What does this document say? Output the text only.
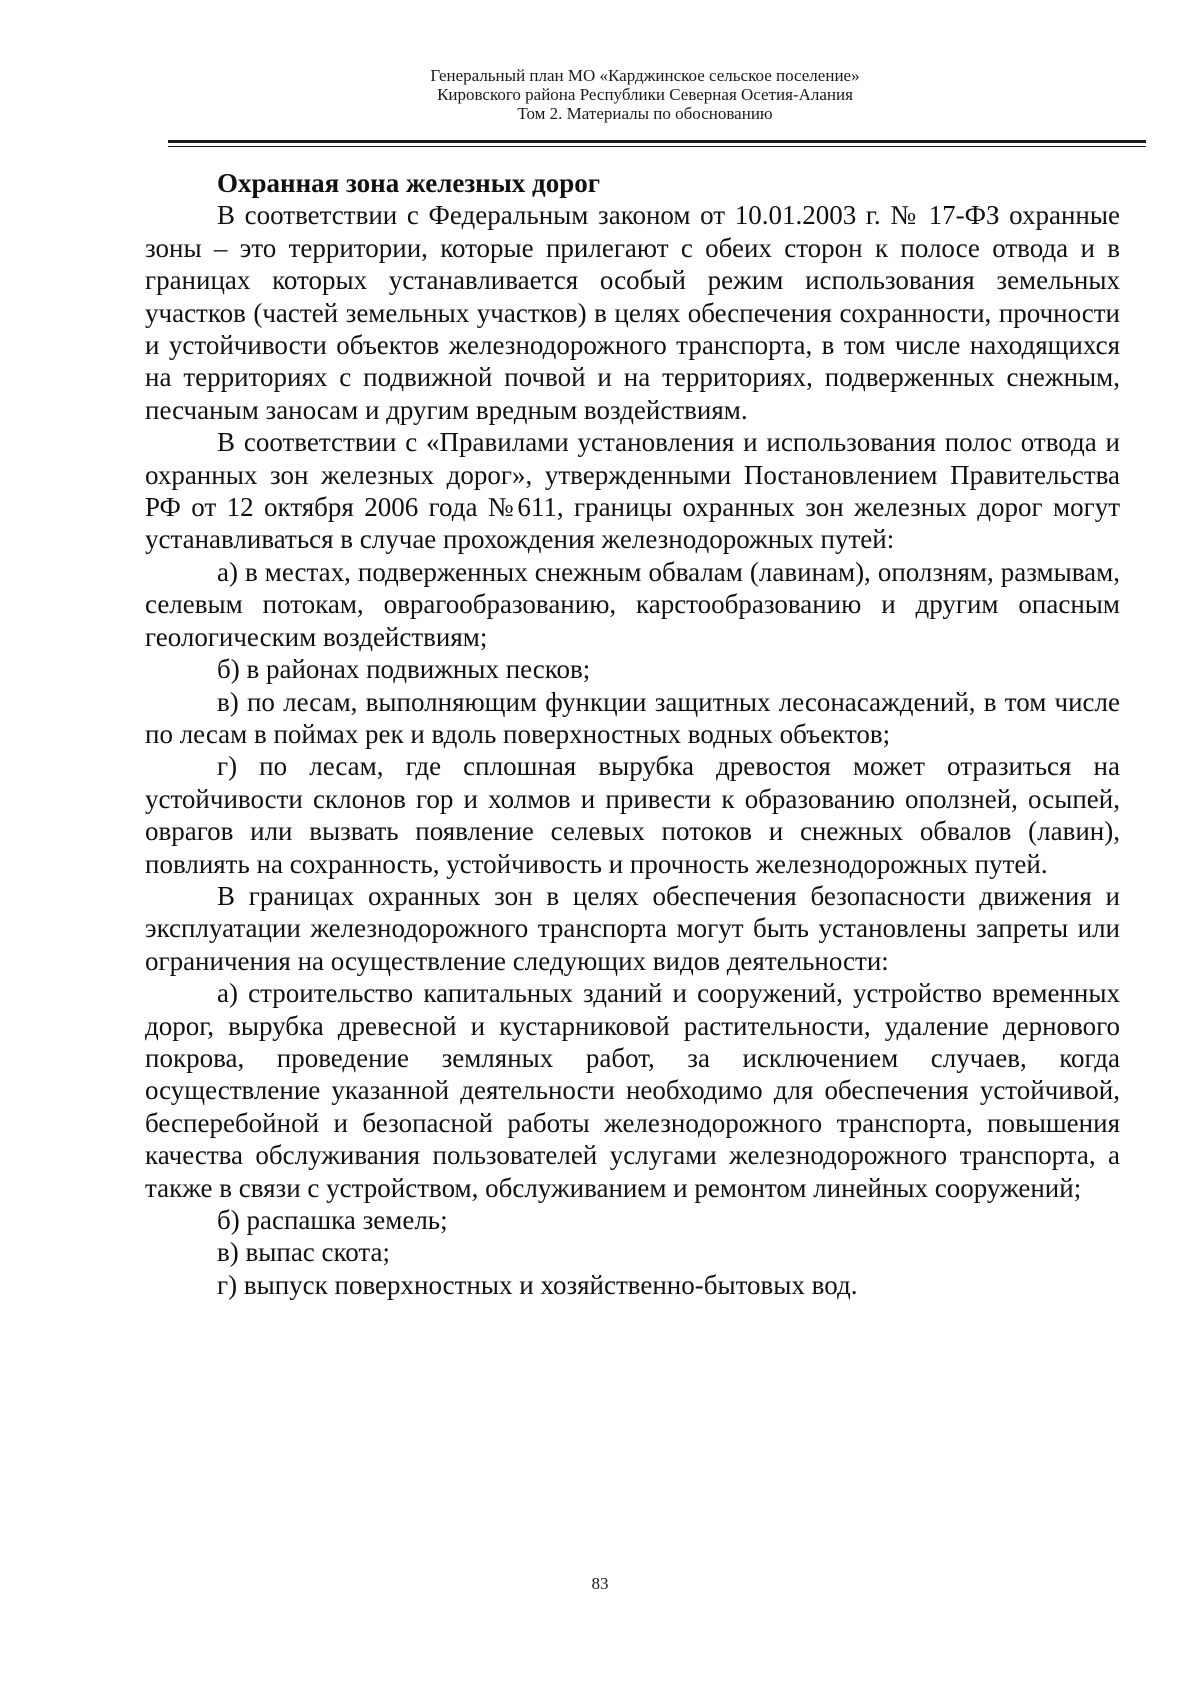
Генеральный план МО «Карджинское сельское поселение»
Кировского района Республики Северная Осетия-Алания
Том 2. Материалы по обоснованию

Охранная зона железных дорог

В соответствии с Федеральным законом от 10.01.2003 г. № 17-ФЗ охранные зоны – это территории, которые прилегают с обеих сторон к полосе отвода и в границах которых устанавливается особый режим использования земельных участков (частей земельных участков) в целях обеспечения сохранности, прочности и устойчивости объектов железнодорожного транспорта, в том числе находящихся на территориях с подвижной почвой и на территориях, подверженных снежным, песчаным заносам и другим вредным воздействиям.

В соответствии с «Правилами установления и использования полос отвода и охранных зон железных дорог», утвержденными Постановлением Правительства РФ от 12 октября 2006 года №611, границы охранных зон железных дорог могут устанавливаться в случае прохождения железнодорожных путей:

а) в местах, подверженных снежным обвалам (лавинам), оползням, размывам, селевым потокам, оврагообразованию, карстообразованию и другим опасным геологическим воздействиям;

б) в районах подвижных песков;

в) по лесам, выполняющим функции защитных лесонасаждений, в том числе по лесам в поймах рек и вдоль поверхностных водных объектов;

г) по лесам, где сплошная вырубка древостоя может отразиться на устойчивости склонов гор и холмов и привести к образованию оползней, осыпей, оврагов или вызвать появление селевых потоков и снежных обвалов (лавин), повлиять на сохранность, устойчивость и прочность железнодорожных путей.

В границах охранных зон в целях обеспечения безопасности движения и эксплуатации железнодорожного транспорта могут быть установлены запреты или ограничения на осуществление следующих видов деятельности:

а) строительство капитальных зданий и сооружений, устройство временных дорог, вырубка древесной и кустарниковой растительности, удаление дернового покрова, проведение земляных работ, за исключением случаев, когда осуществление указанной деятельности необходимо для обеспечения устойчивой, бесперебойной и безопасной работы железнодорожного транспорта, повышения качества обслуживания пользователей услугами железнодорожного транспорта, а также в связи с устройством, обслуживанием и ремонтом линейных сооружений;

б) распашка земель;

в) выпас скота;

г) выпуск поверхностных и хозяйственно-бытовых вод.

83
